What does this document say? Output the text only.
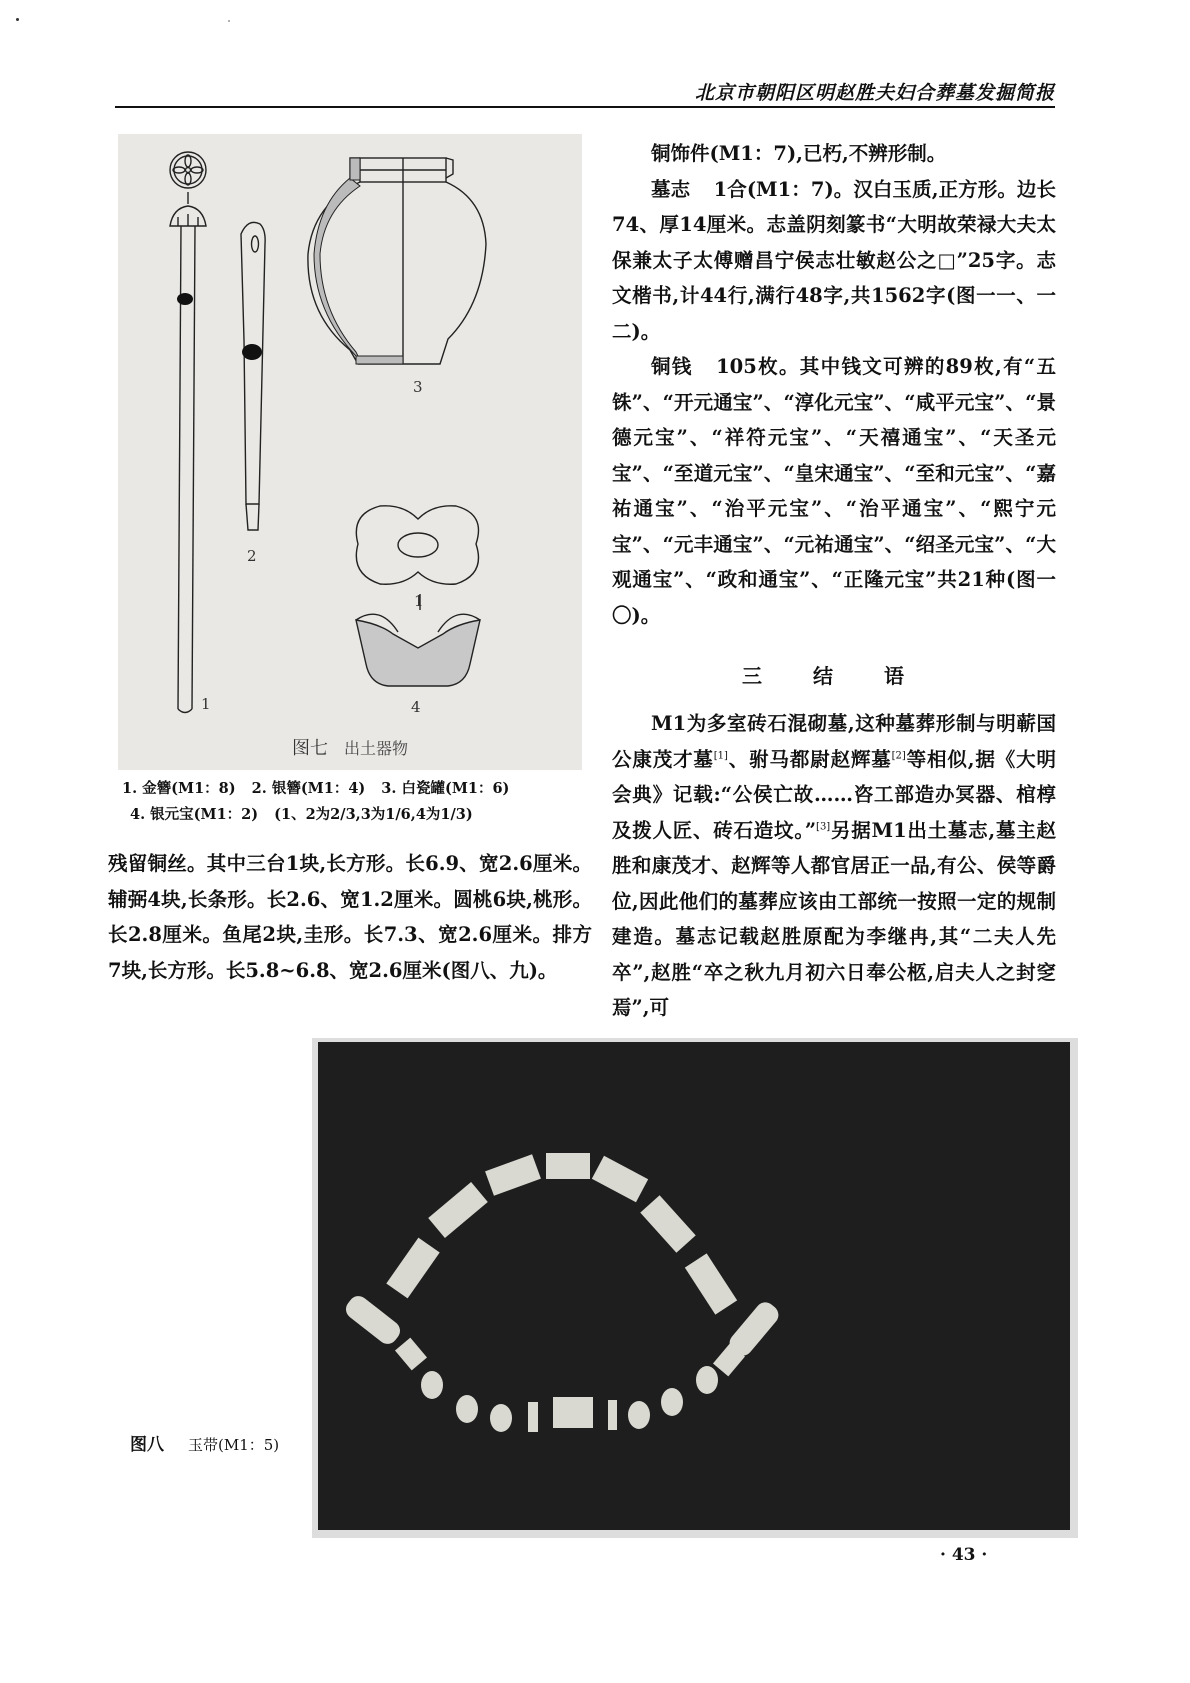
北京市朝阳区明赵胜夫妇合葬墓发掘简报
1
2
3
1
4
图七 出土器物
1. 金簪(M1：8) 2. 银簪(M1：4) 3. 白瓷罐(M1：6)
4. 银元宝(M1：2) (1、2为2/3,3为1/6,4为1/3)

铜饰件(M1：7),已朽,不辨形制。

墓志 1合(M1：7)。汉白玉质,正方形。边长74、厚14厘米。志盖阴刻篆书“大明故荣禄大夫太保兼太子太傅赠昌宁侯志壮敏赵公之□”25字。志文楷书,计44行,满行48字,共1562字(图一一、一二)。

铜钱 105枚。其中钱文可辨的89枚,有“五铢”、“开元通宝”、“淳化元宝”、“咸平元宝”、“景德元宝”、“祥符元宝”、“天禧通宝”、“天圣元宝”、“至道元宝”、“皇宋通宝”、“至和元宝”、“嘉祐通宝”、“治平元宝”、“治平通宝”、“熙宁元宝”、“元丰通宝”、“元祐通宝”、“绍圣元宝”、“大观通宝”、“政和通宝”、“正隆元宝”共21种(图一〇)。

三 结 语

M1为多室砖石混砌墓,这种墓葬形制与明蕲国公康茂才墓[1]、驸马都尉赵辉墓[2]等相似,据《大明会典》记载:“公侯亡故……咨工部造办冥器、棺椁及拨人匠、砖石造坟。”[3]另据M1出土墓志,墓主赵胜和康茂才、赵辉等人都官居正一品,有公、侯等爵位,因此他们的墓葬应该由工部统一按照一定的规制建造。墓志记载赵胜原配为李继冉,其“二夫人先卒”,赵胜“卒之秋九月初六日奉公柩,启夫人之封窆焉”,可

残留铜丝。其中三台1块,长方形。长6.9、宽2.6厘米。辅弼4块,长条形。长2.6、宽1.2厘米。圆桃6块,桃形。长2.8厘米。鱼尾2块,圭形。长7.3、宽2.6厘米。排方7块,长方形。长5.8~6.8、宽2.6厘米(图八、九)。

图八 玉带(M1：5)
· 43 ·
